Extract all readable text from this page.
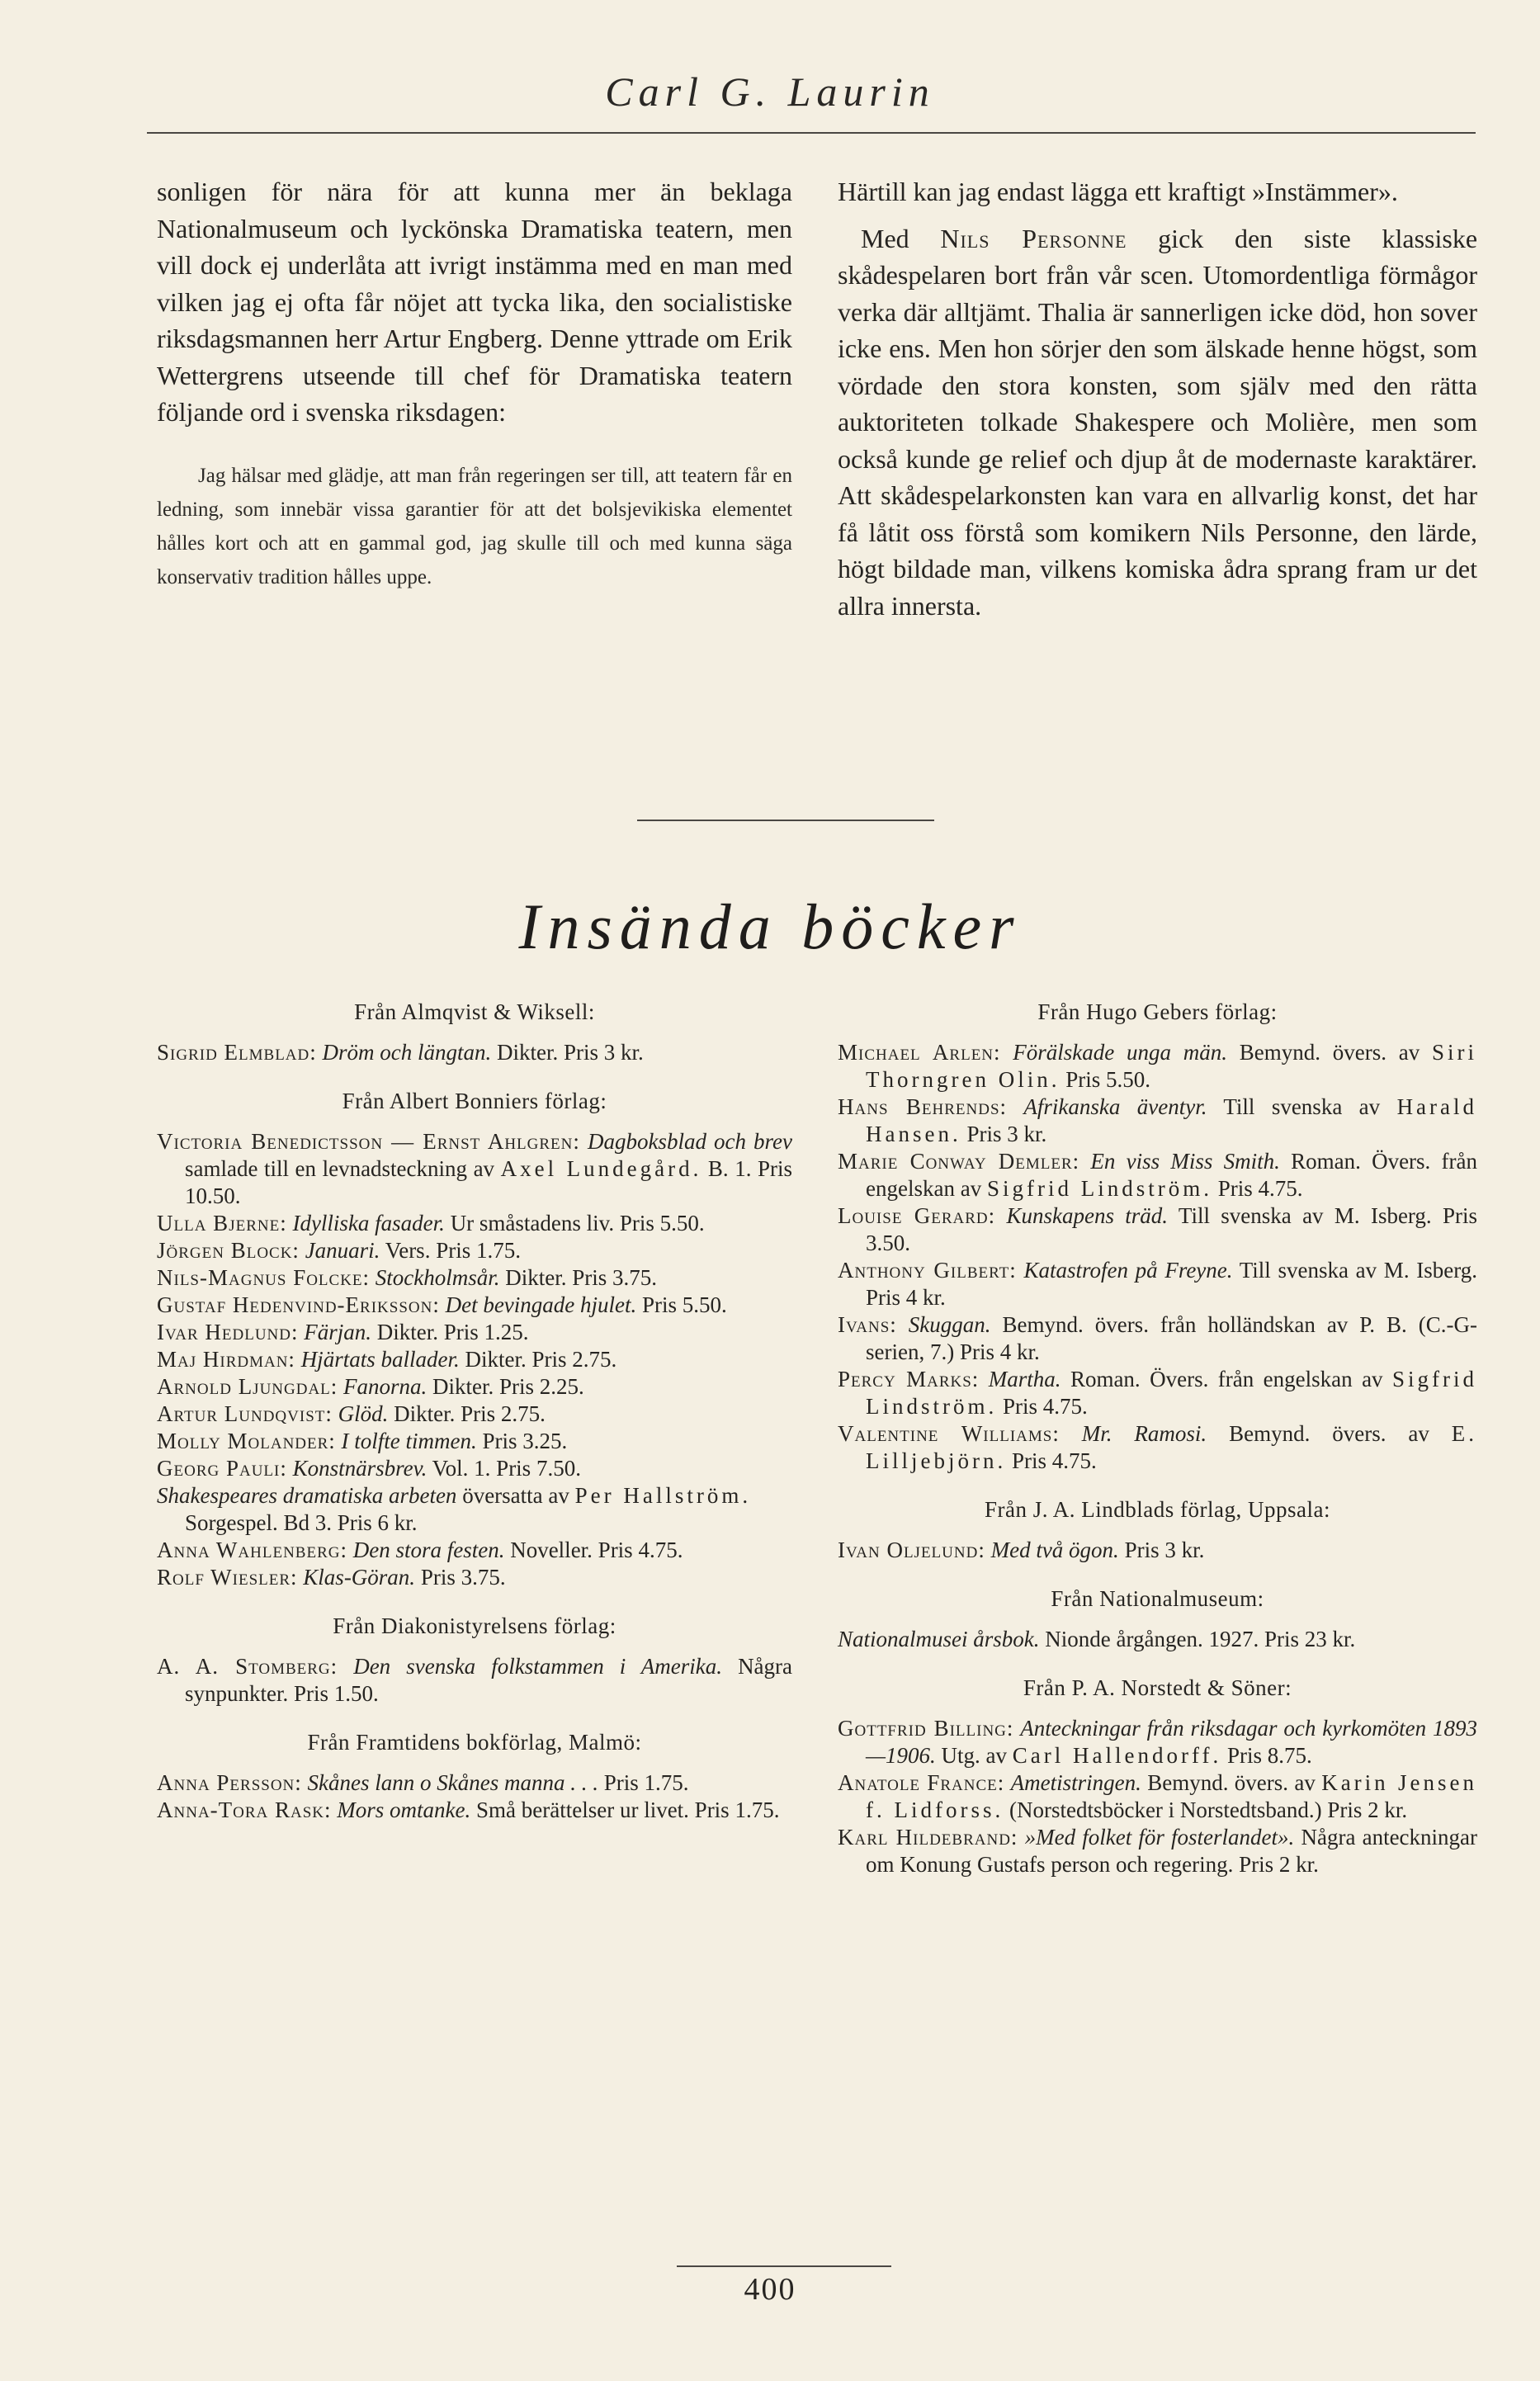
Carl G. Laurin
sonligen för nära för att kunna mer än beklaga Nationalmuseum och lyckönska Dramatiska teatern, men vill dock ej underlåta att ivrigt instämma med en man med vilken jag ej ofta får nöjet att tycka lika, den socialistiske riksdagsmannen herr Artur Engberg. Denne yttrade om Erik Wettergrens utseende till chef för Dramatiska teatern följande ord i svenska riksdagen:
Jag hälsar med glädje, att man från regeringen ser till, att teatern får en ledning, som innebär vissa garantier för att det bolsjevikiska elementet hålles kort och att en gammal god, jag skulle till och med kunna säga konservativ tradition hålles uppe.

Härtill kan jag endast lägga ett kraftigt »Instämmer».

Med Nils Personne gick den siste klassiske skådespelaren bort från vår scen. Utomordentliga förmågor verka där alltjämt. Thalia är sannerligen icke död, hon sover icke ens. Men hon sörjer den som älskade henne högst, som vördade den stora konsten, som själv med den rätta auktoriteten tolkade Shakespere och Molière, men som också kunde ge relief och djup åt de modernaste karaktärer. Att skådespelarkonsten kan vara en allvarlig konst, det har få låtit oss förstå som komikern Nils Personne, den lärde, högt bildade man, vilkens komiska ådra sprang fram ur det allra innersta.

Insända böcker

Från Almqvist & Wiksell:

Sigrid Elmblad: Dröm och längtan. Dikter. Pris 3 kr.

Från Albert Bonniers förlag:

Victoria Benedictsson — Ernst Ahlgren: Dagboksblad och brev samlade till en levnadsteckning av Axel Lundegård. B. 1. Pris 10.50.

Ulla Bjerne: Idylliska fasader. Ur småstadens liv. Pris 5.50.

Jörgen Block: Januari. Vers. Pris 1.75.

Nils-Magnus Folcke: Stockholmsår. Dikter. Pris 3.75.

Gustaf Hedenvind-Eriksson: Det bevingade hjulet. Pris 5.50.

Ivar Hedlund: Färjan. Dikter. Pris 1.25.

Maj Hirdman: Hjärtats ballader. Dikter. Pris 2.75.

Arnold Ljungdal: Fanorna. Dikter. Pris 2.25.

Artur Lundqvist: Glöd. Dikter. Pris 2.75.

Molly Molander: I tolfte timmen. Pris 3.25.

Georg Pauli: Konstnärsbrev. Vol. 1. Pris 7.50.

Shakespeares dramatiska arbeten översatta av Per Hallström.

Sorgespel. Bd 3. Pris 6 kr.

Anna Wahlenberg: Den stora festen. Noveller. Pris 4.75.

Rolf Wiesler: Klas-Göran. Pris 3.75.

Från Diakonistyrelsens förlag:

A. A. Stomberg: Den svenska folkstammen i Amerika. Några synpunkter. Pris 1.50.

Från Framtidens bokförlag, Malmö:

Anna Persson: Skånes lann o Skånes manna . . . Pris 1.75.

Anna-Tora Rask: Mors omtanke. Små berättelser ur livet. Pris 1.75.

Från Hugo Gebers förlag:

Michael Arlen: Förälskade unga män. Bemynd. övers. av Siri Thorngren Olin. Pris 5.50.

Hans Behrends: Afrikanska äventyr. Till svenska av Harald Hansen. Pris 3 kr.

Marie Conway Demler: En viss Miss Smith. Roman. Övers. från engelskan av Sigfrid Lindström. Pris 4.75.

Louise Gerard: Kunskapens träd. Till svenska av M. Isberg. Pris 3.50.

Anthony Gilbert: Katastrofen på Freyne. Till svenska av M. Isberg. Pris 4 kr.

Ivans: Skuggan. Bemynd. övers. från holländskan av P. B. (C.-G-serien, 7.) Pris 4 kr.

Percy Marks: Martha. Roman. Övers. från engelskan av Sigfrid Lindström. Pris 4.75.

Valentine Williams: Mr. Ramosi. Bemynd. övers. av E. Lilljebjörn. Pris 4.75.

Från J. A. Lindblads förlag, Uppsala:

Ivan Oljelund: Med två ögon. Pris 3 kr.

Från Nationalmuseum:

Nationalmusei årsbok. Nionde årgången. 1927. Pris 23 kr.

Från P. A. Norstedt & Söner:

Gottfrid Billing: Anteckningar från riksdagar och kyrkomöten 1893—1906. Utg. av Carl Hallendorff. Pris 8.75.

Anatole France: Ametistringen. Bemynd. övers. av Karin Jensen f. Lidforss. (Norstedtsböcker i Norstedtsband.) Pris 2 kr.

Karl Hildebrand: »Med folket för fosterlandet». Några anteckningar om Konung Gustafs person och regering. Pris 2 kr.

400
